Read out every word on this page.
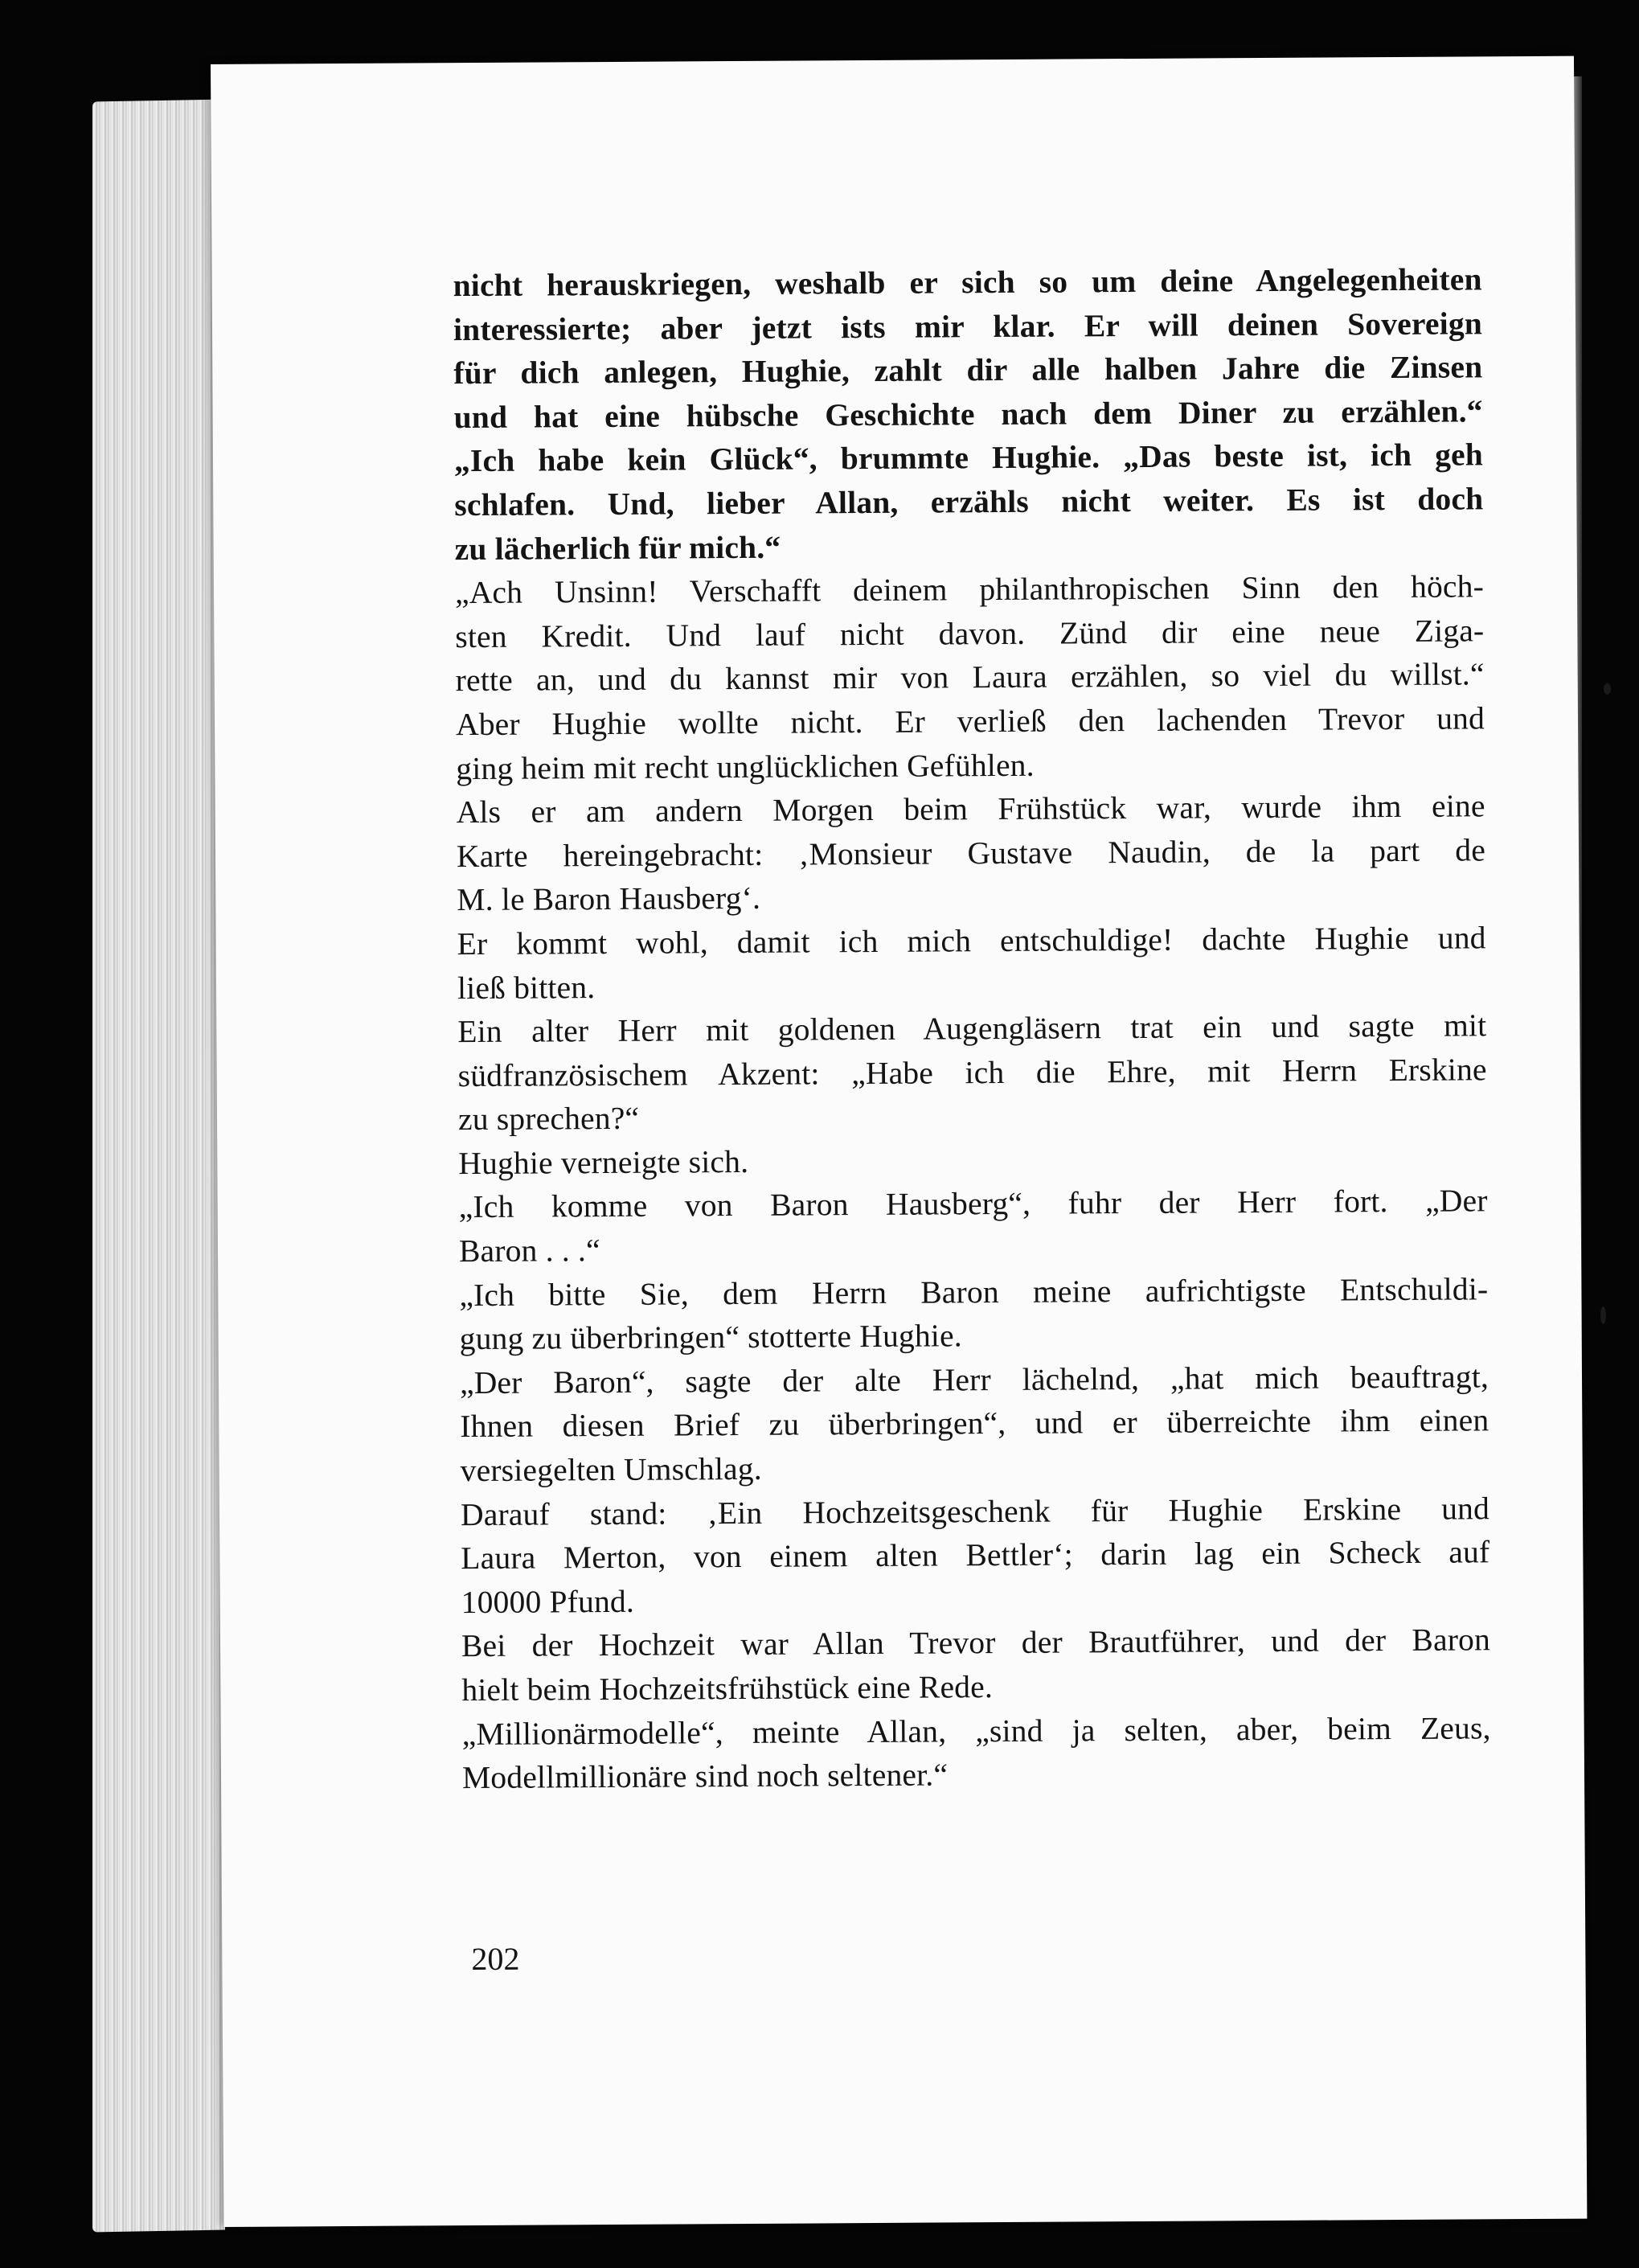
nicht herauskriegen, weshalb er sich so um deine Angelegenheiten
interessierte; aber jetzt ists mir klar. Er will deinen Sovereign
für dich anlegen, Hughie, zahlt dir alle halben Jahre die Zinsen
und hat eine hübsche Geschichte nach dem Diner zu erzählen.“
„Ich habe kein Glück“, brummte Hughie. „Das beste ist, ich geh
schlafen. Und, lieber Allan, erzähls nicht weiter. Es ist doch
zu lächerlich für mich.“
„Ach Unsinn! Verschafft deinem philanthropischen Sinn den höch-
sten Kredit. Und lauf nicht davon. Zünd dir eine neue Ziga-
rette an, und du kannst mir von Laura erzählen, so viel du willst.“
Aber Hughie wollte nicht. Er verließ den lachenden Trevor und
ging heim mit recht unglücklichen Gefühlen.
Als er am andern Morgen beim Frühstück war, wurde ihm eine
Karte hereingebracht: ‚Monsieur Gustave Naudin, de la part de
M. le Baron Hausberg‘.
Er kommt wohl, damit ich mich entschuldige! dachte Hughie und
ließ bitten.
Ein alter Herr mit goldenen Augengläsern trat ein und sagte mit
südfranzösischem Akzent: „Habe ich die Ehre, mit Herrn Erskine
zu sprechen?“
Hughie verneigte sich.
„Ich komme von Baron Hausberg“, fuhr der Herr fort. „Der
Baron . . .“
„Ich bitte Sie, dem Herrn Baron meine aufrichtigste Entschuldi-
gung zu überbringen“ stotterte Hughie.
„Der Baron“, sagte der alte Herr lächelnd, „hat mich beauftragt,
Ihnen diesen Brief zu überbringen“, und er überreichte ihm einen
versiegelten Umschlag.
Darauf stand: ‚Ein Hochzeitsgeschenk für Hughie Erskine und
Laura Merton, von einem alten Bettler‘; darin lag ein Scheck auf
10000 Pfund.
Bei der Hochzeit war Allan Trevor der Brautführer, und der Baron
hielt beim Hochzeitsfrühstück eine Rede.
„Millionärmodelle“, meinte Allan, „sind ja selten, aber, beim Zeus,
Modellmillionäre sind noch seltener.“
202
